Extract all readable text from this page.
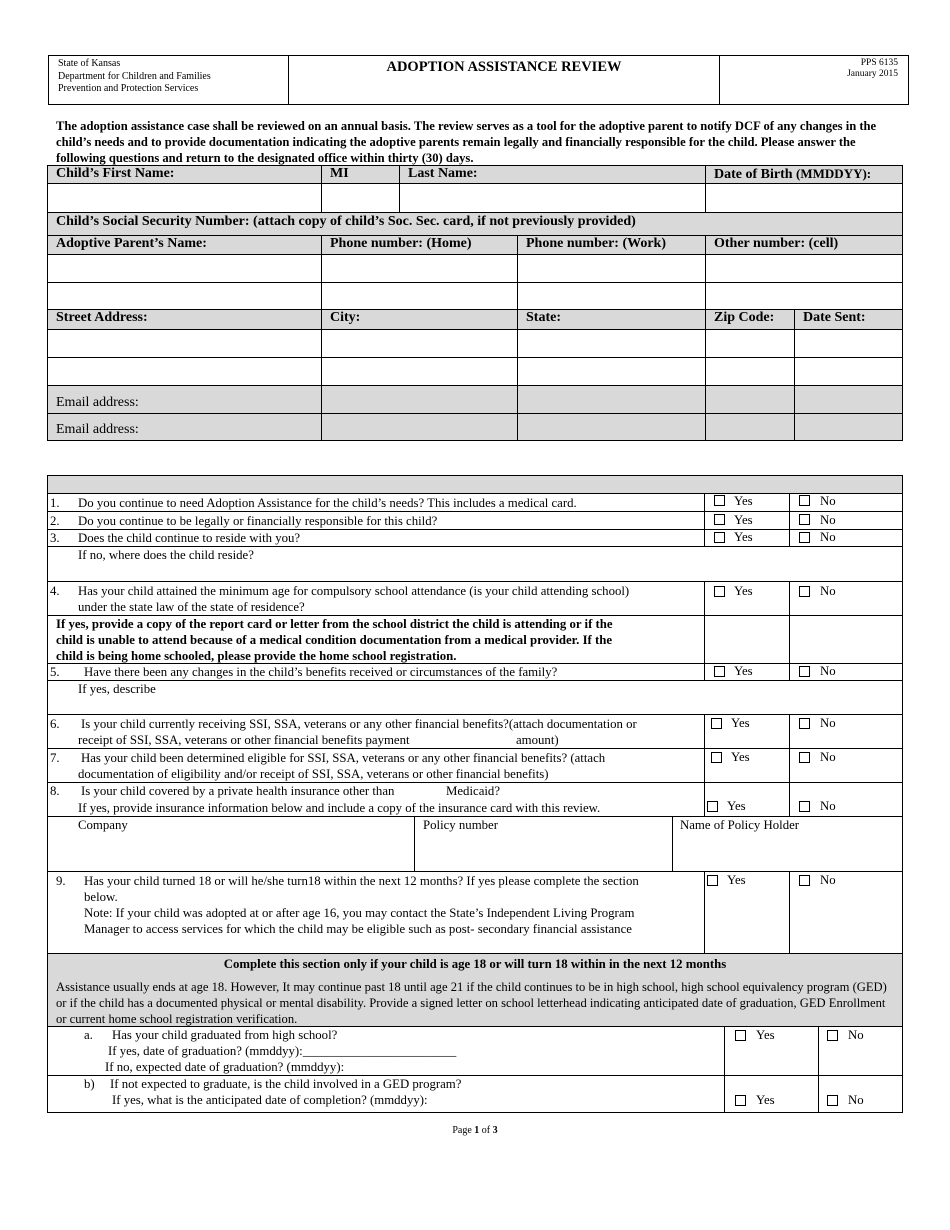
State of Kansas
Department for Children and Families
Prevention and Protection Services
ADOPTION ASSISTANCE REVIEW	PPS 6135
January 2015
The adoption assistance case shall be reviewed on an annual basis. The review serves as a tool for the adoptive parent to notify DCF of any changes in the child’s needs and to provide documentation indicating the adoptive parents remain legally and financially responsible for the child. Please answer the following questions and return to the designated office within thirty (30) days.
Child’s First Name:	MI	Last Name:		Date of Birth (MMDDYY):	

Child’s Social Security Number: (attach copy of child’s Soc. Sec. card, if not previously provided)					
Adoptive Parent’s Name:	Phone number: (Home)		Phone number: (Work)	Other number: (cell)	

Street Address:	City:		State:	Zip Code:	Date Sent:

Email address:					
Email address:					
1. Do you continue to need Adoption Assistance for the child’s needs? This includes a medical card.	Yes	No
2. Do you continue to be legally or financially responsible for this child?	Yes	No
3. Does the child continue to reside with you?	Yes	No
If no, where does the child reside?
4. Has your child attained the minimum age for compulsory school attendance (is your child attending school)
under the state law of the state of residence?
Yes	No
If yes, provide a copy of the report card or letter from the school district the child is attending or if the
child is unable to attend because of a medical condition documentation from a medical provider. If the
child is being home schooled, please provide the home school registration.
5. Have there been any changes in the child’s benefits received or circumstances of the family?	Yes	No
If yes, describe
6. Is your child currently receiving SSI, SSA, veterans or any other financial benefits?(attach documentation or
receipt of SSI, SSA, veterans or other financial benefits payment	amount)
Yes	No
7. Has your child been determined eligible for SSI, SSA, veterans or any other financial benefits? (attach
documentation of eligibility and/or receipt of SSI, SSA, veterans or other financial benefits)
Yes	No
8. Is your child covered by a private health insurance other than	Medicaid?
If yes, provide insurance information below and include a copy of the insurance card with this review.	Yes	No
Company	Policy number	Name of Policy Holder
9. Has your child turned 18 or will he/she turn18 within the next 12 months? If yes please complete the section
below.
Note: If your child was adopted at or after age 16, you may contact the State’s Independent Living Program
Manager to access services for which the child may be eligible such as post- secondary financial assistance
Yes	No
Complete this section only if your child is age 18 or will turn 18 within in the next 12 months
Assistance usually ends at age 18. However, It may continue past 18 until age 21 if the child continues to be in high school, high school equivalency program (GED) or if the child has a documented physical or mental disability. Provide a signed letter on school letterhead indicating anticipated date of graduation, GED Enrollment or current home school registration verification.
a. Has your child graduated from high school?
If yes, date of graduation? (mmddyy):________________________
If no, expected date of graduation? (mmddyy):
Yes	No
b) If not expected to graduate, is the child involved in a GED program?
If yes, what is the anticipated date of completion? (mmddyy):	Yes	No
Page 1 of 3
